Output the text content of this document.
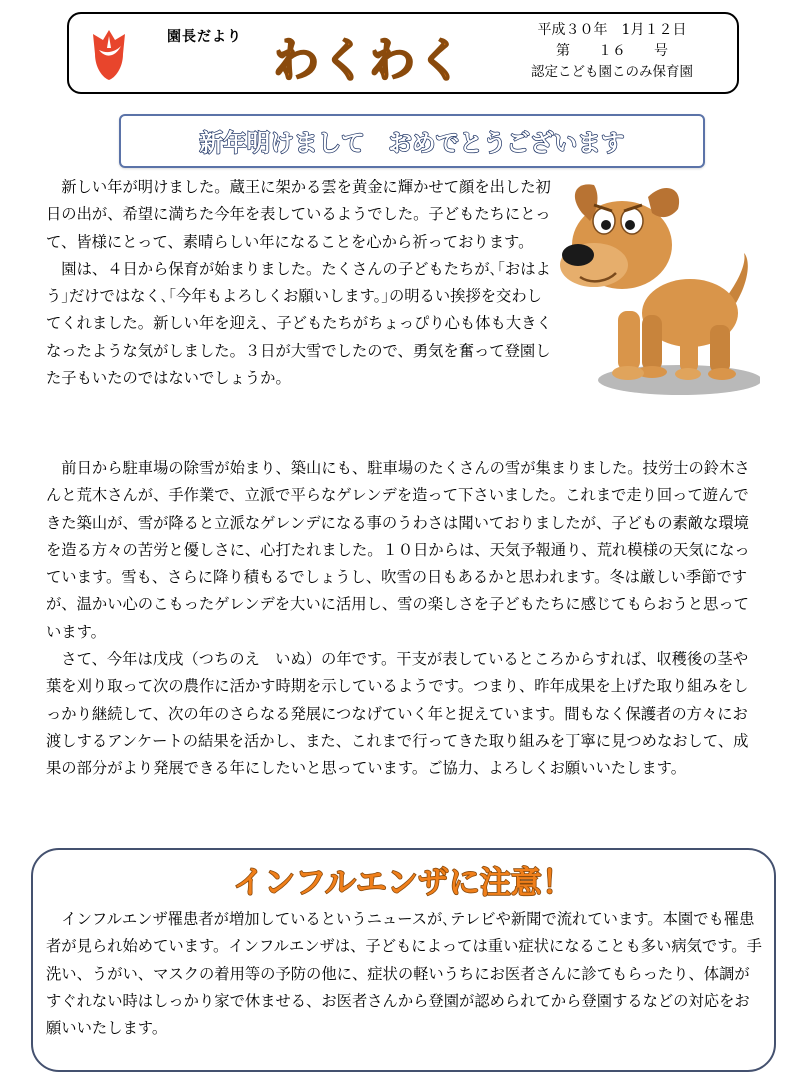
園長だより わくわく
平成３０年　1月１２日
第　　１６　　号
認定こども園このみ保育園
新年明けまして　おめでとうございます

新しい年が明けました。蔵王に架かる雲を黄金に輝かせて顔を出した初日の出が、希望に満ちた今年を表しているようでした。子どもたちにとって、皆様にとって、素晴らしい年になることを心から祈っております。

園は、４日から保育が始まりました。たくさんの子どもたちが､｢おはよう｣だけではなく､｢今年もよろしくお願いします。｣の明るい挨拶を交わしてくれました。新しい年を迎え、子どもたちがちょっぴり心も体も大きくなったような気がしました。３日が大雪でしたので、勇気を奮って登園した子もいたのではないでしょうか。

前日から駐車場の除雪が始まり、築山にも、駐車場のたくさんの雪が集まりました。技労士の鈴木さんと荒木さんが、手作業で、立派で平らなゲレンデを造って下さいました。これまで走り回って遊んできた築山が、雪が降ると立派なゲレンデになる事のうわさは聞いておりましたが、子どもの素敵な環境を造る方々の苦労と優しさに、心打たれました。１０日からは、天気予報通り、荒れ模様の天気になっています。雪も、さらに降り積もるでしょうし、吹雪の日もあるかと思われます。冬は厳しい季節ですが、温かい心のこもったゲレンデを大いに活用し、雪の楽しさを子どもたちに感じてもらおうと思っています。

さて、今年は戊戌（つちのえ　いぬ）の年です。干支が表しているところからすれば、収穫後の茎や葉を刈り取って次の農作に活かす時期を示しているようです。つまり、昨年成果を上げた取り組みをしっかり継続して、次の年のさらなる発展につなげていく年と捉えています。間もなく保護者の方々にお渡しするアンケートの結果を活かし、また、これまで行ってきた取り組みを丁寧に見つめなおして、成果の部分がより発展できる年にしたいと思っています。ご協力、よろしくお願いいたします。

インフルエンザに注意！

インフルエンザ罹患者が増加しているというニュースが､テレビや新聞で流れています。本園でも罹患者が見られ始めています。インフルエンザは、子どもによっては重い症状になることも多い病気です。手洗い、うがい、マスクの着用等の予防の他に、症状の軽いうちにお医者さんに診てもらったり、体調がすぐれない時はしっかり家で休ませる、お医者さんから登園が認められてから登園するなどの対応をお願いいたします。
